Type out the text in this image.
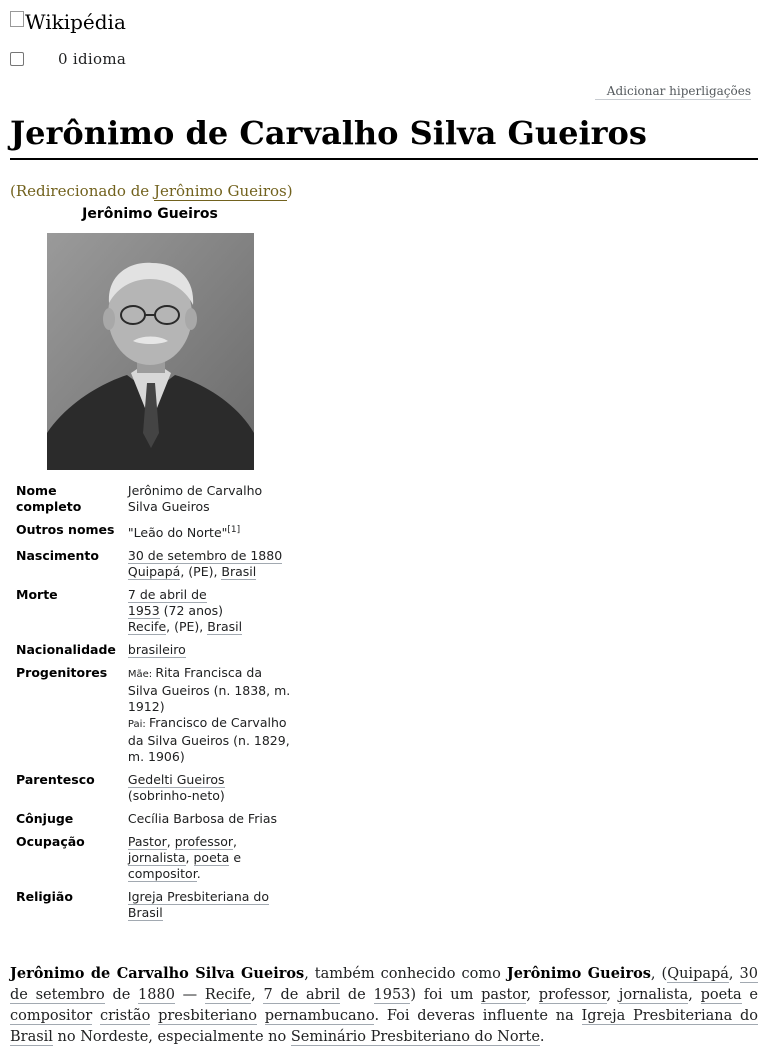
Wikipédia
0 idioma
Adicionar hiperligações
Jerônimo de Carvalho Silva Gueiros
(Redirecionado de Jerônimo Gueiros)
Jerônimo Gueiros
Nome completo	Jerônimo de Carvalho Silva Gueiros
Outros nomes	"Leão do Norte"[1]
Nascimento	30 de setembro de 1880
Quipapá, (PE), Brasil
Morte	7 de abril de
1953 (72 anos)
Recife, (PE), Brasil
Nacionalidade	brasileiro
Progenitores	Mãe: Rita Francisca da Silva Gueiros (n. 1838, m. 1912)
Pai: Francisco de Carvalho da Silva Gueiros (n. 1829, m. 1906)
Parentesco	Gedelti Gueiros
(sobrinho-neto)
Cônjuge	Cecília Barbosa de Frias
Ocupação	Pastor, professor,
jornalista, poeta e
compositor.
Religião	Igreja Presbiteriana do Brasil

Jerônimo de Carvalho Silva Gueiros, também conhecido como Jerônimo Gueiros, (Quipapá, 30 de setembro de 1880 — Recife, 7 de abril de 1953) foi um pastor, professor, jornalista, poeta e compositor cristão presbiteriano pernambucano. Foi deveras influente na Igreja Presbiteriana do Brasil no Nordeste, especialmente no Seminário Presbiteriano do Norte.
